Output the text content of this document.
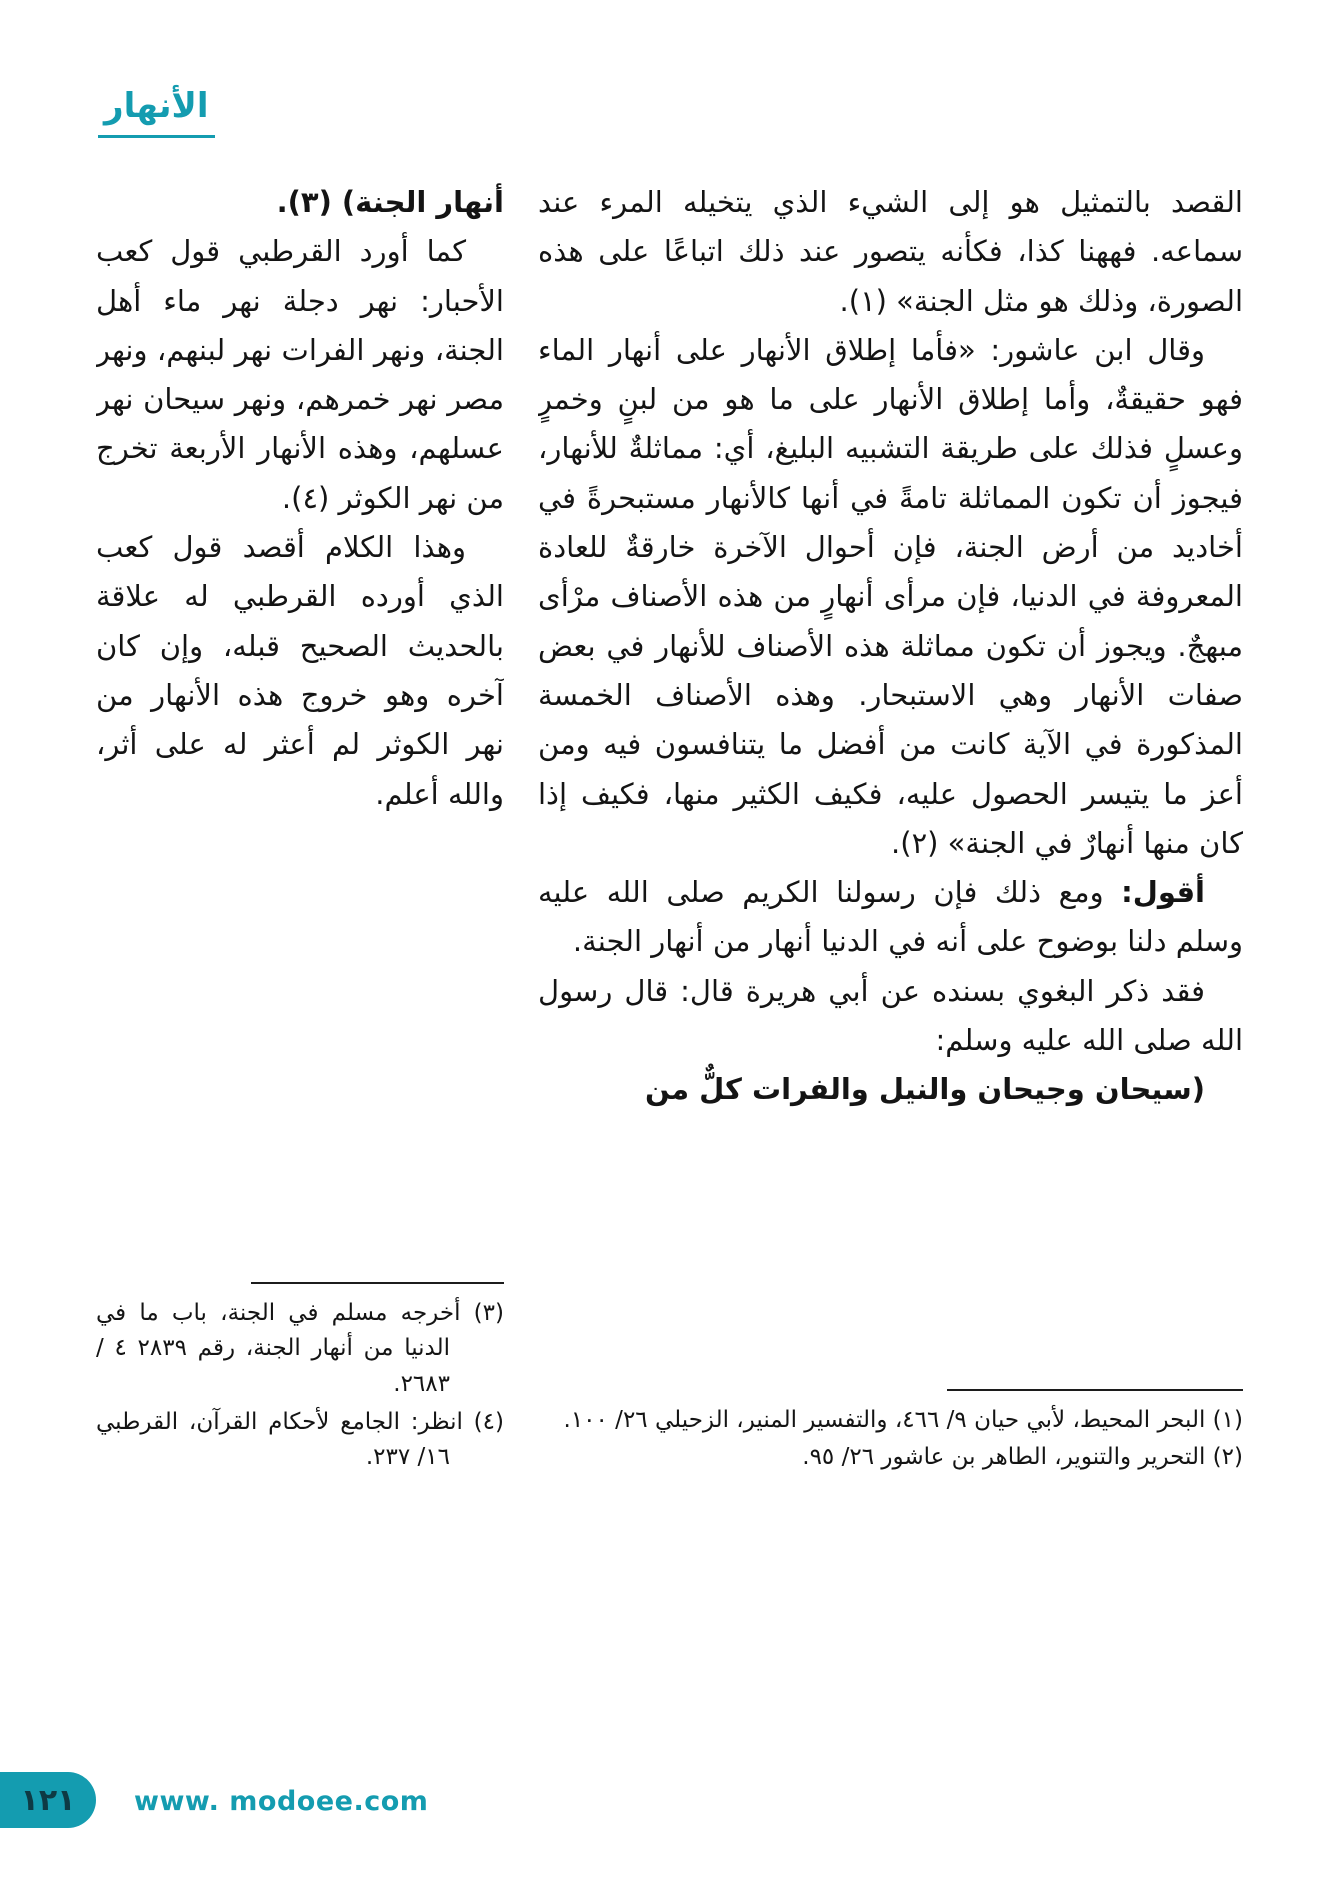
الأنهار

القصد بالتمثيل هو إلى الشيء الذي يتخيله المرء عند سماعه. فههنا كذا، فكأنه يتصور عند ذلك اتباعًا على هذه الصورة، وذلك هو مثل الجنة» (١).

وقال ابن عاشور: «فأما إطلاق الأنهار على أنهار الماء فهو حقيقةٌ، وأما إطلاق الأنهار على ما هو من لبنٍ وخمرٍ وعسلٍ فذلك على طريقة التشبيه البليغ، أي: مماثلةٌ للأنهار، فيجوز أن تكون المماثلة تامةً في أنها كالأنهار مستبحرةً في أخاديد من أرض الجنة، فإن أحوال الآخرة خارقةٌ للعادة المعروفة في الدنيا، فإن مرأى أنهارٍ من هذه الأصناف مرْأى مبهجٌ. ويجوز أن تكون مماثلة هذه الأصناف للأنهار في بعض صفات الأنهار وهي الاستبحار. وهذه الأصناف الخمسة المذكورة في الآية كانت من أفضل ما يتنافسون فيه ومن أعز ما يتيسر الحصول عليه، فكيف الكثير منها، فكيف إذا كان منها أنهارٌ في الجنة» (٢).

أقول: ومع ذلك فإن رسولنا الكريم صلى الله عليه وسلم دلنا بوضوح على أنه في الدنيا أنهار من أنهار الجنة.

فقد ذكر البغوي بسنده عن أبي هريرة قال: قال رسول الله صلى الله عليه وسلم:

(سيحان وجيحان والنيل والفرات كلٌّ من

(١) البحر المحيط، لأبي حيان ٩/ ٤٦٦، والتفسير المنير، الزحيلي ٢٦/ ١٠٠.

(٢) التحرير والتنوير، الطاهر بن عاشور ٢٦/ ٩٥.

أنهار الجنة) (٣).

كما أورد القرطبي قول كعب الأحبار: نهر دجلة نهر ماء أهل الجنة، ونهر الفرات نهر لبنهم، ونهر مصر نهر خمرهم، ونهر سيحان نهر عسلهم، وهذه الأنهار الأربعة تخرج من نهر الكوثر (٤).

وهذا الكلام أقصد قول كعب الذي أورده القرطبي له علاقة بالحديث الصحيح قبله، وإن كان آخره وهو خروج هذه الأنهار من نهر الكوثر لم أعثر له على أثر، والله أعلم.

(٣) أخرجه مسلم في الجنة، باب ما في الدنيا من أنهار الجنة، رقم ٢٨٣٩ ٤ / ٢٦٨٣.

(٤) انظر: الجامع لأحكام القرآن، القرطبي ١٦/ ٢٣٧.

١٢١ www. modoee.com
